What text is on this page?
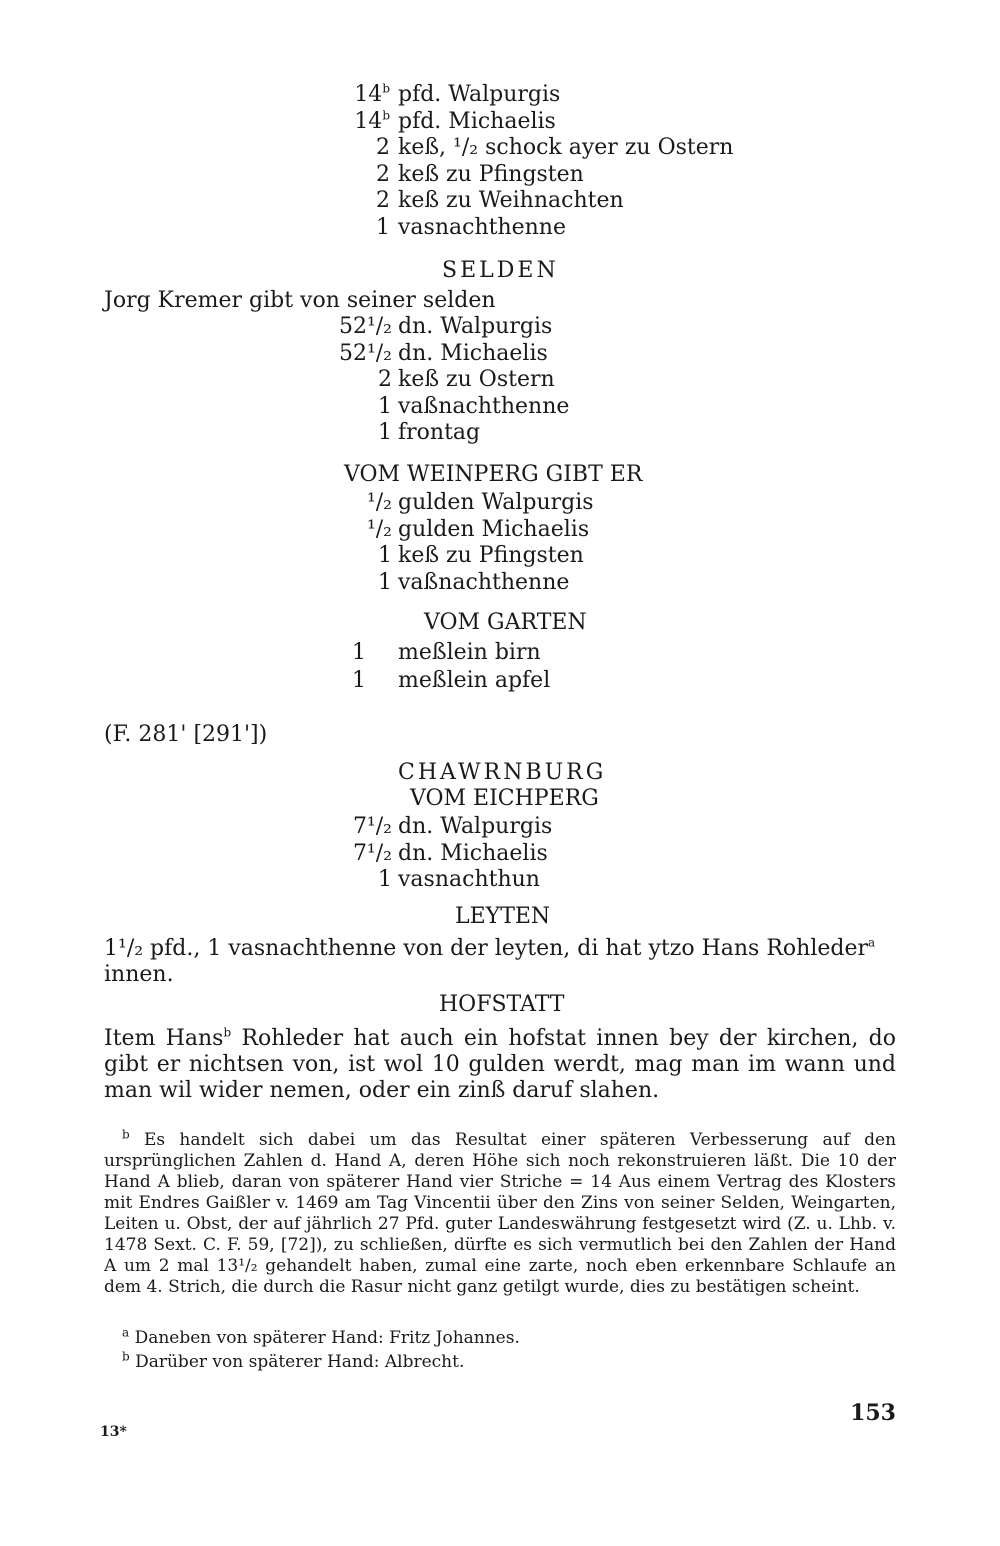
14$^b$ pfd. Walpurgis
14$^b$ pfd. Michaelis
2 keß, ¹/₂ schock ayer zu Ostern
2 keß zu Pfingsten
2 keß zu Weihnachten
1 vasnachthenne
SELDEN
Jorg Kremer gibt von seiner selden
52¹/₂ dn. Walpurgis
52¹/₂ dn. Michaelis
2 keß zu Ostern
1 vaßnachthenne
1 frontag
VOM WEINPERG GIBT ER
¹/₂ gulden Walpurgis
¹/₂ gulden Michaelis
1 keß zu Pfingsten
1 vaßnachthenne
VOM GARTEN
1 meßlein birn
1 meßlein apfel
(F. 281' [291'])
CHAWRNBURG
VOM EICHPERG
7¹/₂ dn. Walpurgis
7¹/₂ dn. Michaelis
1 vasnachthun
LEYTEN
1¹/₂ pfd., 1 vasnachthenne von der leyten, di hat ytzo Hans Rohleder$^a$
innen.
HOFSTATT
Item Hans$^b$ Rohleder hat auch ein hofstat innen bey der kirchen, do gibt er nichtsen von, ist wol 10 gulden werdt, mag man im wann und man wil wider nemen, oder ein zinß daruf slahen.
$^b$ Es handelt sich dabei um das Resultat einer späteren Verbesserung auf den ursprünglichen Zahlen d. Hand A, deren Höhe sich noch rekonstruieren läßt. Die 10 der Hand A blieb, daran von späterer Hand vier Striche = 14 Aus einem Vertrag des Klosters mit Endres Gaißler v. 1469 am Tag Vincentii über den Zins von seiner Selden, Weingarten, Leiten u. Obst, der auf jährlich 27 Pfd. guter Landeswährung festgesetzt wird (Z. u. Lhb. v. 1478 Sext. C. F. 59, [72]), zu schließen, dürfte es sich vermutlich bei den Zahlen der Hand A um 2 mal 13¹/₂ gehandelt haben, zumal eine zarte, noch eben erkennbare Schlaufe an dem 4. Strich, die durch die Rasur nicht ganz getilgt wurde, dies zu bestätigen scheint.
$^a$ Daneben von späterer Hand: Fritz Johannes.
$^b$ Darüber von späterer Hand: Albrecht.
153
13*
